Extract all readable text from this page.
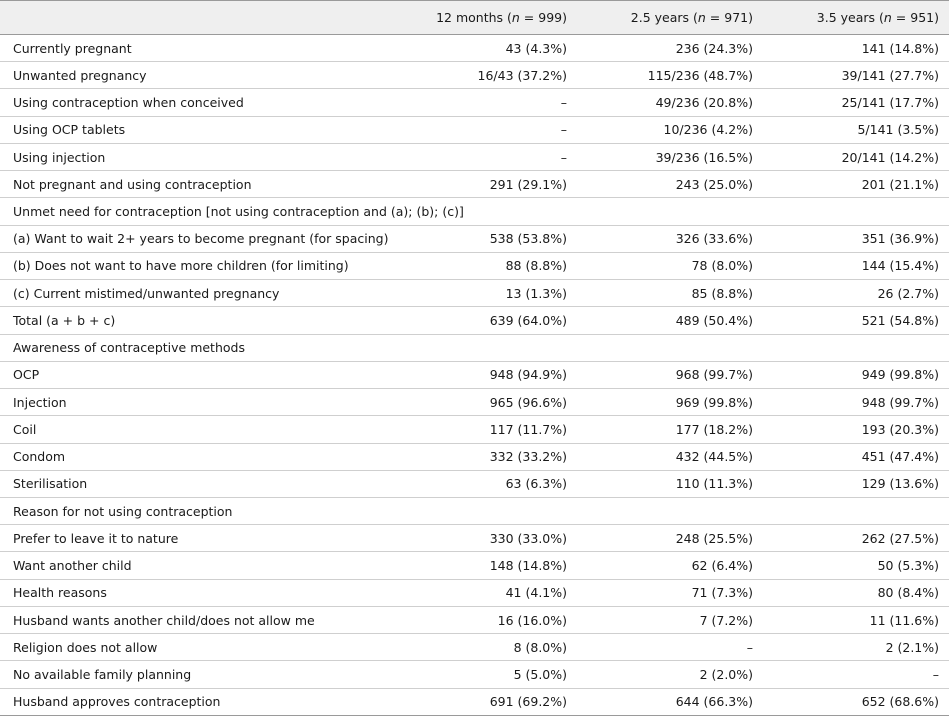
	12 months (n = 999)	2.5 years (n = 971)	3.5 years (n = 951)
Currently pregnant	43 (4.3%)	236 (24.3%)	141 (14.8%)
Unwanted pregnancy	16/43 (37.2%)	115/236 (48.7%)	39/141 (27.7%)
Using contraception when conceived	–	49/236 (20.8%)	25/141 (17.7%)
Using OCP tablets	–	10/236 (4.2%)	5/141 (3.5%)
Using injection	–	39/236 (16.5%)	20/141 (14.2%)
Not pregnant and using contraception	291 (29.1%)	243 (25.0%)	201 (21.1%)
Unmet need for contraception [not using contraception and (a); (b); (c)]			
(a) Want to wait 2+ years to become pregnant (for spacing)	538 (53.8%)	326 (33.6%)	351 (36.9%)
(b) Does not want to have more children (for limiting)	88 (8.8%)	78 (8.0%)	144 (15.4%)
(c) Current mistimed/unwanted pregnancy	13 (1.3%)	85 (8.8%)	26 (2.7%)
Total (a + b + c)	639 (64.0%)	489 (50.4%)	521 (54.8%)
Awareness of contraceptive methods			
OCP	948 (94.9%)	968 (99.7%)	949 (99.8%)
Injection	965 (96.6%)	969 (99.8%)	948 (99.7%)
Coil	117 (11.7%)	177 (18.2%)	193 (20.3%)
Condom	332 (33.2%)	432 (44.5%)	451 (47.4%)
Sterilisation	63 (6.3%)	110 (11.3%)	129 (13.6%)
Reason for not using contraception			
Prefer to leave it to nature	330 (33.0%)	248 (25.5%)	262 (27.5%)
Want another child	148 (14.8%)	62 (6.4%)	50 (5.3%)
Health reasons	41 (4.1%)	71 (7.3%)	80 (8.4%)
Husband wants another child/does not allow me	16 (16.0%)	7 (7.2%)	11 (11.6%)
Religion does not allow	8 (8.0%)	–	2 (2.1%)
No available family planning	5 (5.0%)	2 (2.0%)	–
Husband approves contraception	691 (69.2%)	644 (66.3%)	652 (68.6%)
